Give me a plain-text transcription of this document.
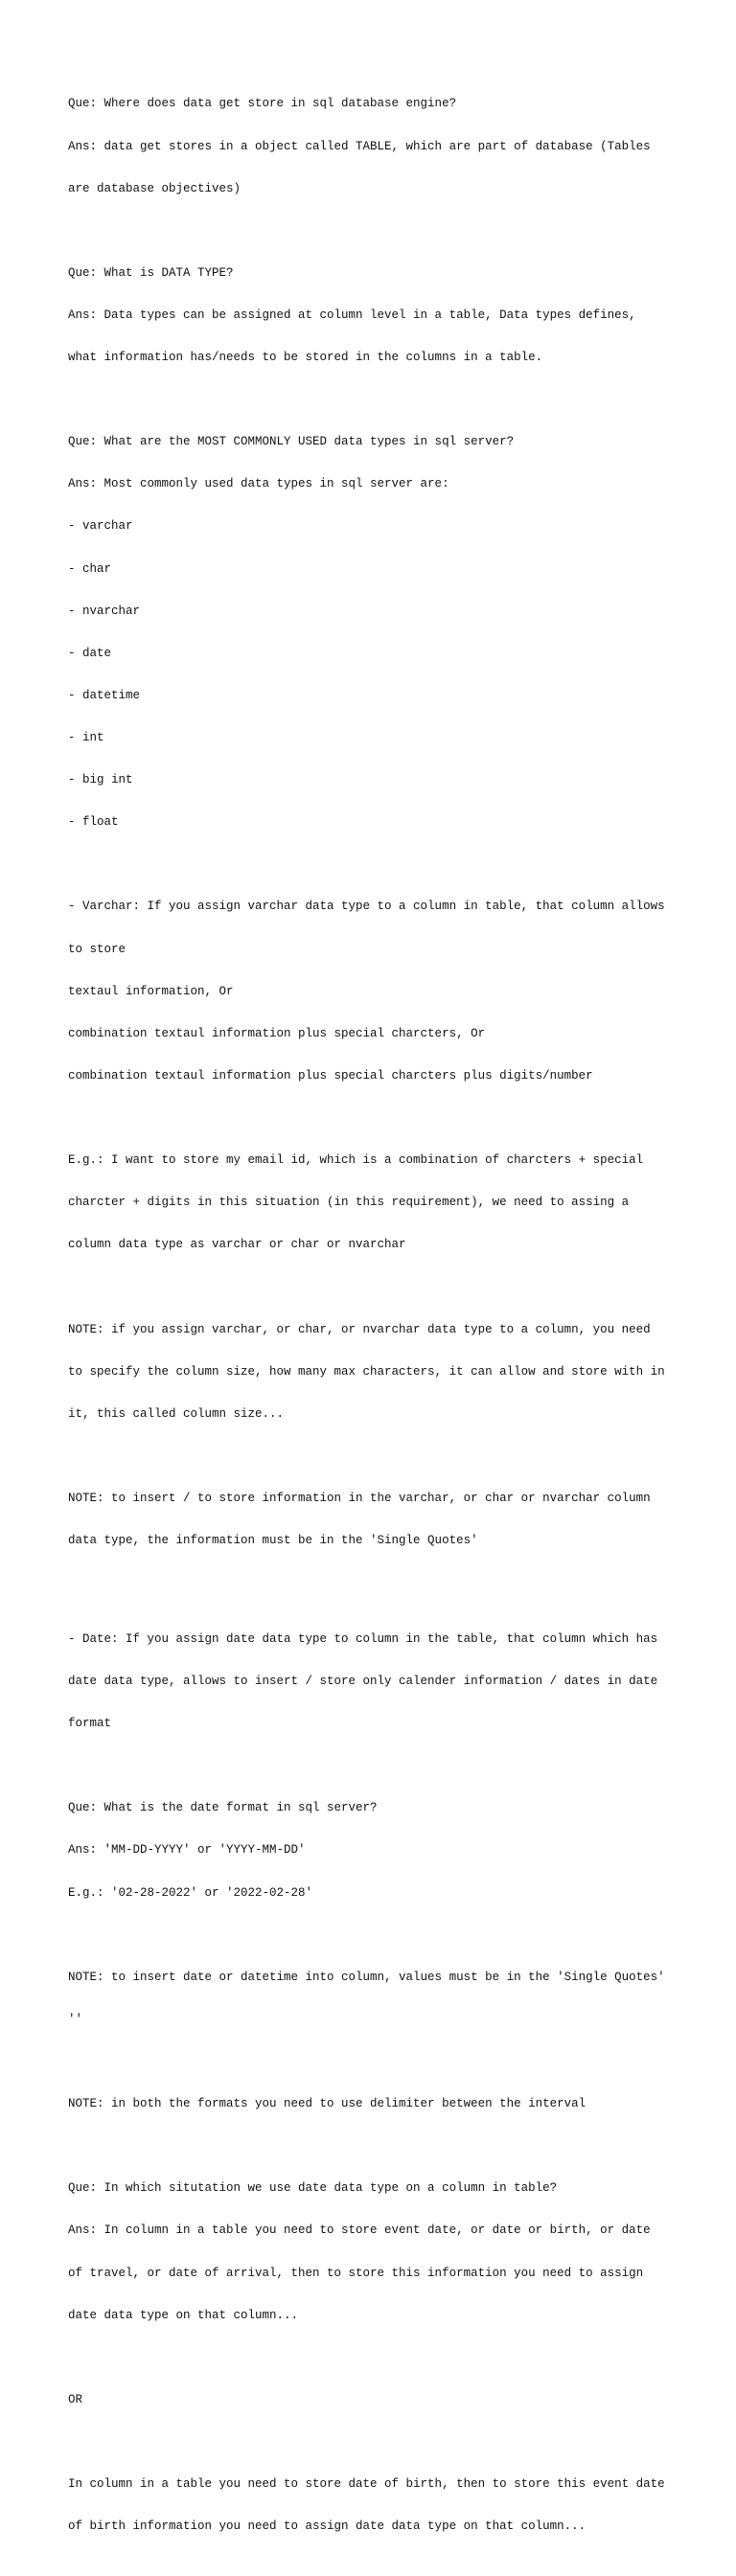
Que: Where does data get store in sql database engine?

Ans: data get stores in a object called TABLE, which are part of database (Tables

are database objectives)

Que: What is DATA TYPE?

Ans: Data types can be assigned at column level in a table, Data types defines,

what information has/needs to be stored in the columns in a table.

Que: What are the MOST COMMONLY USED data types in sql server?

Ans: Most commonly used data types in sql server are:

- varchar

- char

- nvarchar

- date

- datetime

- int

- big int

- float

- Varchar: If you assign varchar data type to a column in table, that column allows

to store

textaul information, Or

combination textaul information plus special charcters, Or

combination textaul information plus special charcters plus digits/number

E.g.: I want to store my email id, which is a combination of charcters + special

charcter + digits in this situation (in this requirement), we need to assing a

column data type as varchar or char or nvarchar

NOTE: if you assign varchar, or char, or nvarchar data type to a column, you need

to specify the column size, how many max characters, it can allow and store with in

it, this called column size...

NOTE: to insert / to store information in the varchar, or char or nvarchar column

data type, the information must be in the 'Single Quotes'

- Date: If you assign date data type to column in the table, that column which has

date data type, allows to insert / store only calender information / dates in date

format

Que: What is the date format in sql server?

Ans: 'MM-DD-YYYY' or 'YYYY-MM-DD'

E.g.: '02-28-2022' or '2022-02-28'

NOTE: to insert date or datetime into column, values must be in the 'Single Quotes'

''

NOTE: in both the formats you need to use delimiter between the interval

Que: In which situtation we use date data type on a column in table?

Ans: In column in a table you need to store event date, or date or birth, or date

of travel, or date of arrival, then to store this information you need to assign

date data type on that column...

OR

In column in a table you need to store date of birth, then to store this event date

of birth information you need to assign date data type on that column...
